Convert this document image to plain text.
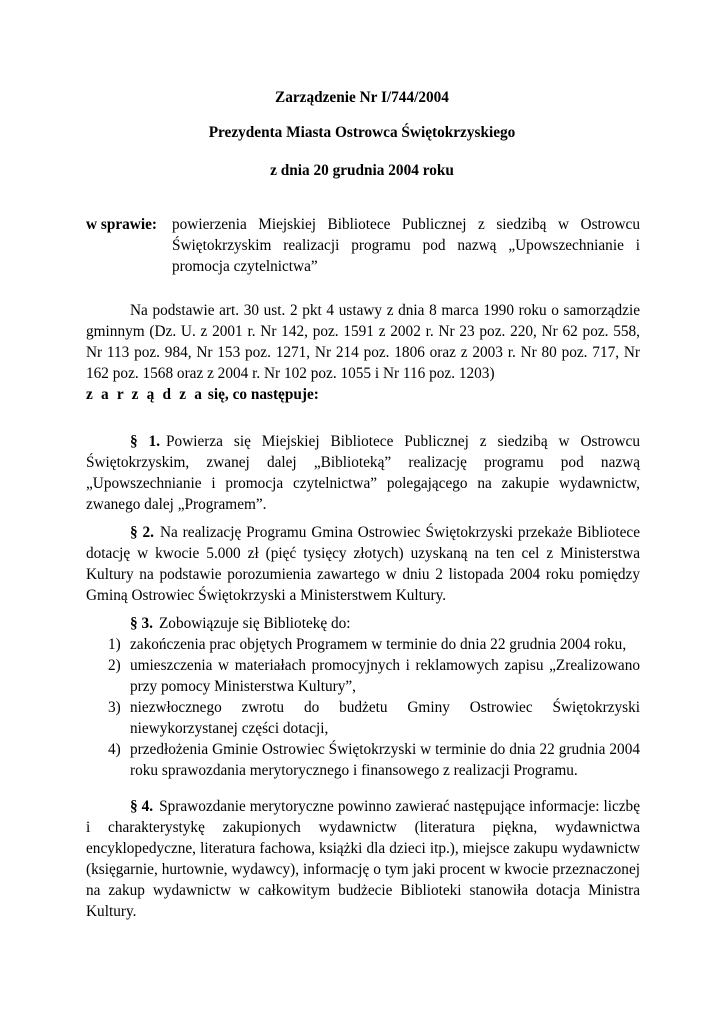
Zarządzenie Nr I/744/2004
Prezydenta Miasta Ostrowca Świętokrzyskiego
z dnia 20 grudnia 2004 roku
w sprawie: powierzenia Miejskiej Bibliotece Publicznej z siedzibą w Ostrowcu Świętokrzyskim realizacji programu pod nazwą „Upowszechnianie i promocja czytelnictwa”

Na podstawie art. 30 ust. 2 pkt 4 ustawy z dnia 8 marca 1990 roku o samorządzie gminnym (Dz. U. z 2001 r. Nr 142, poz. 1591 z 2002 r. Nr 23 poz. 220, Nr 62 poz. 558, Nr 113 poz. 984, Nr 153 poz. 1271, Nr 214 poz. 1806 oraz z 2003 r. Nr 80 poz. 717, Nr 162 poz. 1568 oraz z 2004 r. Nr 102 poz. 1055 i Nr 116 poz. 1203)

z a r z ą d z a się, co następuje:

§ 1. Powierza się Miejskiej Bibliotece Publicznej z siedzibą w Ostrowcu Świętokrzyskim, zwanej dalej „Biblioteką” realizację programu pod nazwą „Upowszechnianie i promocja czytelnictwa” polegającego na zakupie wydawnictw, zwanego dalej „Programem”.

§ 2. Na realizację Programu Gmina Ostrowiec Świętokrzyski przekaże Bibliotece dotację w kwocie 5.000 zł (pięć tysięcy złotych) uzyskaną na ten cel z Ministerstwa Kultury na podstawie porozumienia zawartego w dniu 2 listopada 2004 roku pomiędzy Gminą Ostrowiec Świętokrzyski a Ministerstwem Kultury.

§ 3. Zobowiązuje się Bibliotekę do:

1) zakończenia prac objętych Programem w terminie do dnia 22 grudnia 2004 roku,
2) umieszczenia w materiałach promocyjnych i reklamowych zapisu „Zrealizowano przy pomocy Ministerstwa Kultury”,
3) niezwłocznego zwrotu do budżetu Gminy Ostrowiec Świętokrzyski niewykorzystanej części dotacji,
4) przedłożenia Gminie Ostrowiec Świętokrzyski w terminie do dnia 22 grudnia 2004 roku sprawozdania merytorycznego i finansowego z realizacji Programu.

§ 4. Sprawozdanie merytoryczne powinno zawierać następujące informacje: liczbę i charakterystykę zakupionych wydawnictw (literatura piękna, wydawnictwa encyklopedyczne, literatura fachowa, książki dla dzieci itp.), miejsce zakupu wydawnictw (księgarnie, hurtownie, wydawcy), informację o tym jaki procent w kwocie przeznaczonej na zakup wydawnictw w całkowitym budżecie Biblioteki stanowiła dotacja Ministra Kultury.
